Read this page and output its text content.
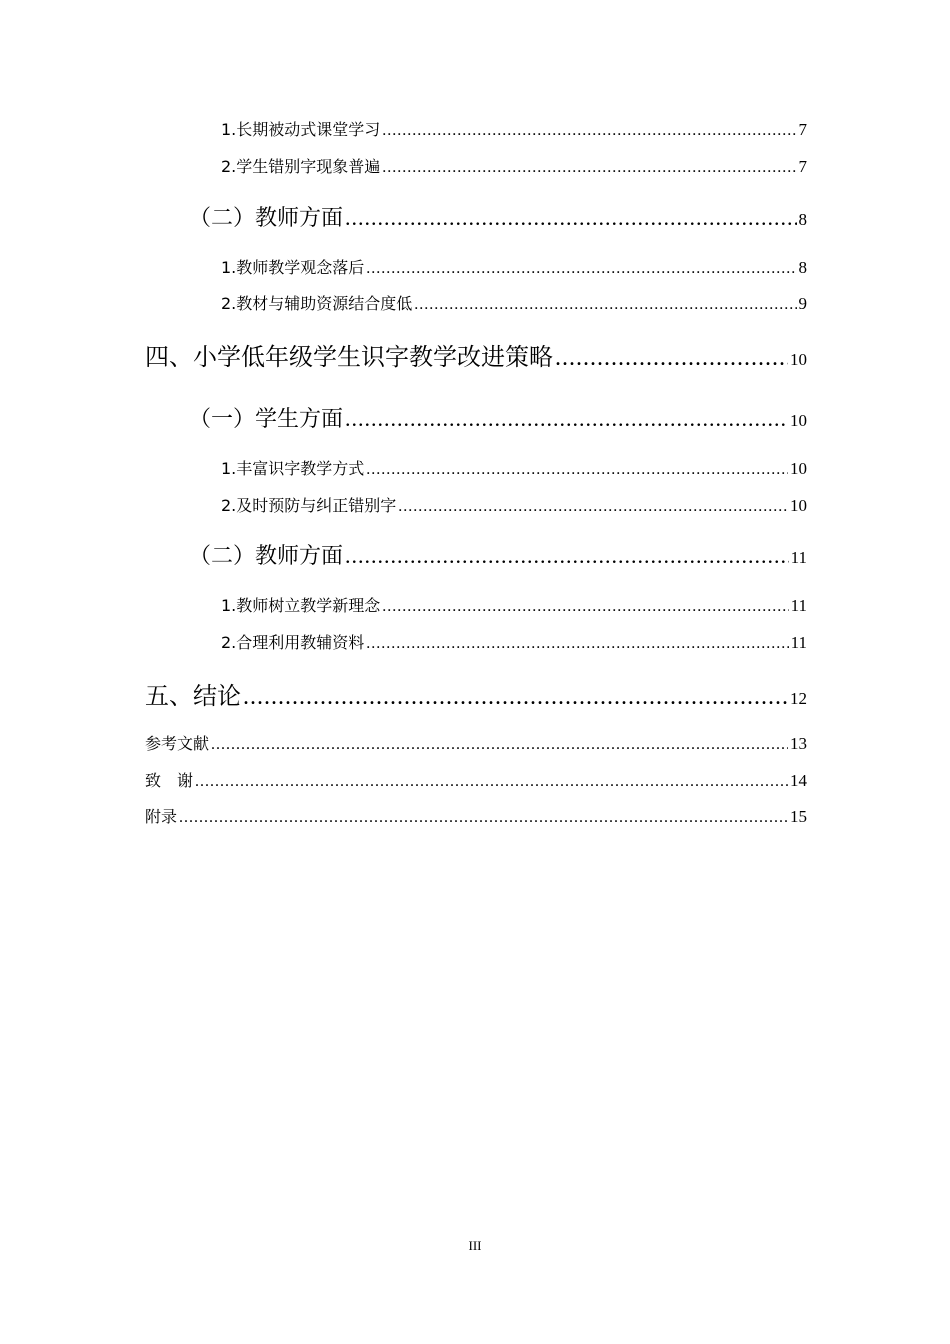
1. 长期被动式课堂学习 .....	7
2. 学生错别字现象普遍 .....	7
（二） 教师方面 .....	8
1. 教师教学观念落后 .....	8
2. 教材与辅助资源结合度低 .....	9
四、 小学低年级学生识字教学改进策略 .....	10
（一） 学生方面 .....	10
1. 丰富识字教学方式 .....	10
2. 及时预防与纠正错别字 .....	10
（二） 教师方面 .....	11
1. 教师树立教学新理念 .....	11
2. 合理利用教辅资料 .....	11
五、 结论 .....	12
参考文献 .....	13
致　谢 .....	14
附录 .....	15
III
